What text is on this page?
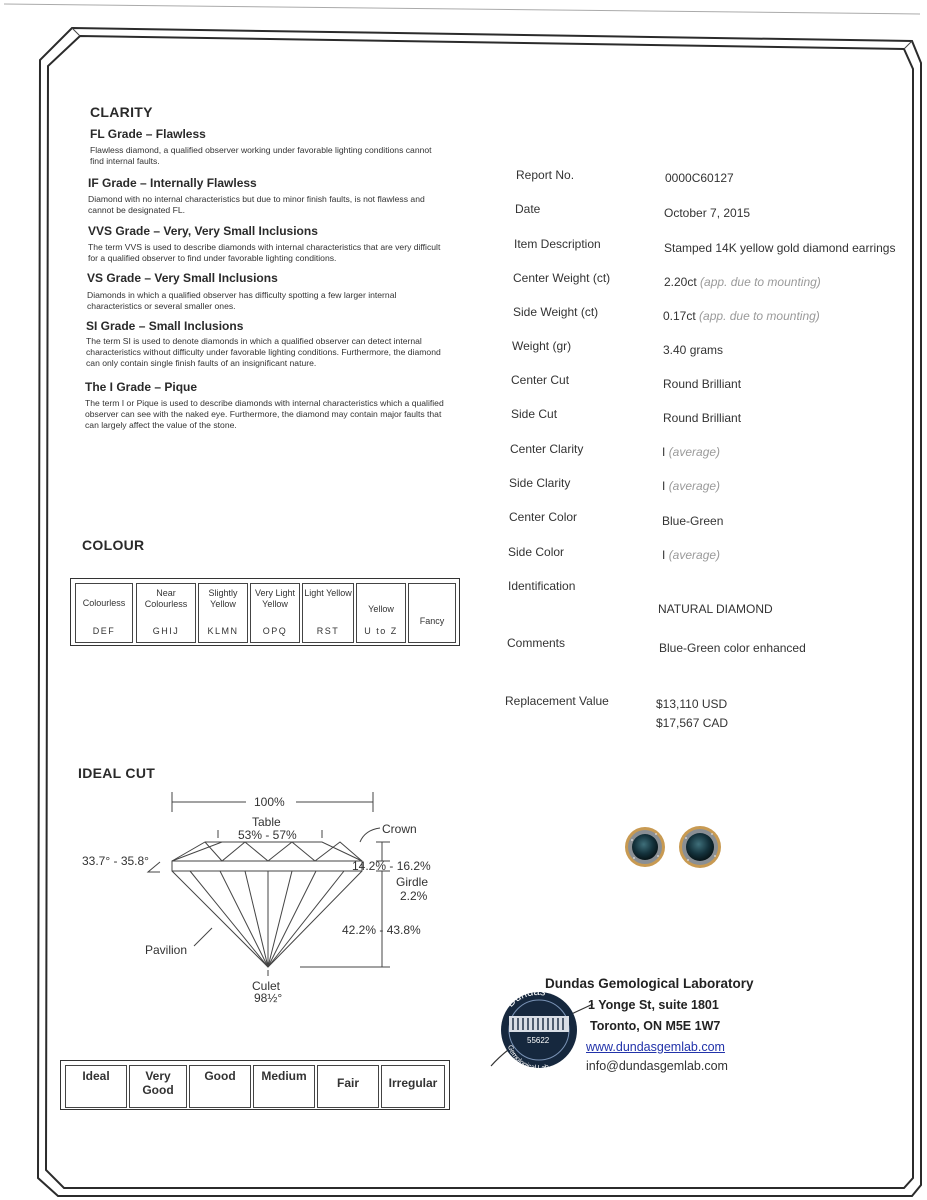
CLARITY
FL Grade – Flawless
Flawless diamond, a qualified observer working under favorable lighting conditions cannot find internal faults.
IF Grade – Internally Flawless
Diamond with no internal characteristics but due to minor finish faults, is not flawless and cannot be designated FL.
VVS Grade – Very, Very Small Inclusions
The term VVS is used to describe diamonds with internal characteristics that are very difficult for a qualified observer to find under favorable lighting conditions.
VS Grade – Very Small Inclusions
Diamonds in which a qualified observer has difficulty spotting a few larger internal characteristics or several smaller ones.
SI Grade – Small Inclusions
The term SI is used to denote diamonds in which a qualified observer can detect internal characteristics without difficulty under favorable lighting conditions. Furthermore, the diamond can only contain single finish faults of an insignificant nature.
The I Grade – Pique
The term I or Pique is used to describe diamonds with internal characteristics which a qualified observer can see with the naked eye. Furthermore, the diamond may contain major faults that can largely affect the value of the stone.
COLOUR
Colourless
DEF
Near Colourless
GHIJ
Slightly Yellow
KLMN
Very Light Yellow
OPQ
Light Yellow
RST
Yellow
U to Z
Fancy
IDEAL CUT
100%
Table
53% - 57%	Crown
33.7° - 35.8°	14.2% - 16.2%
Girdle
2.2%
42.2% - 43.8%
Pavilion
Culet
98½°
Ideal	Very Good
Good	Medium	Fair	Irregular
Report No.	0000C60127
Date	October 7, 2015
Item Description	Stamped 14K yellow gold diamond earrings
Center Weight (ct)	2.20ct (app. due to mounting)
Side Weight (ct)	0.17ct (app. due to mounting)
Weight (gr)	3.40 grams
Center Cut	Round Brilliant
Side Cut	Round Brilliant
Center Clarity	I (average)
Side Clarity	I (average)
Center Color	Blue-Green
Side Color	I (average)
Identification
NATURAL DIAMOND
Comments	Blue-Green color enhanced
Replacement Value	$13,110 USD
$17,567 CAD
Dundas
55622
Gemological Lab
Dundas Gemological Laboratory
1 Yonge St, suite 1801
Toronto, ON M5E 1W7
www.dundasgemlab.com
info@dundasgemlab.com
